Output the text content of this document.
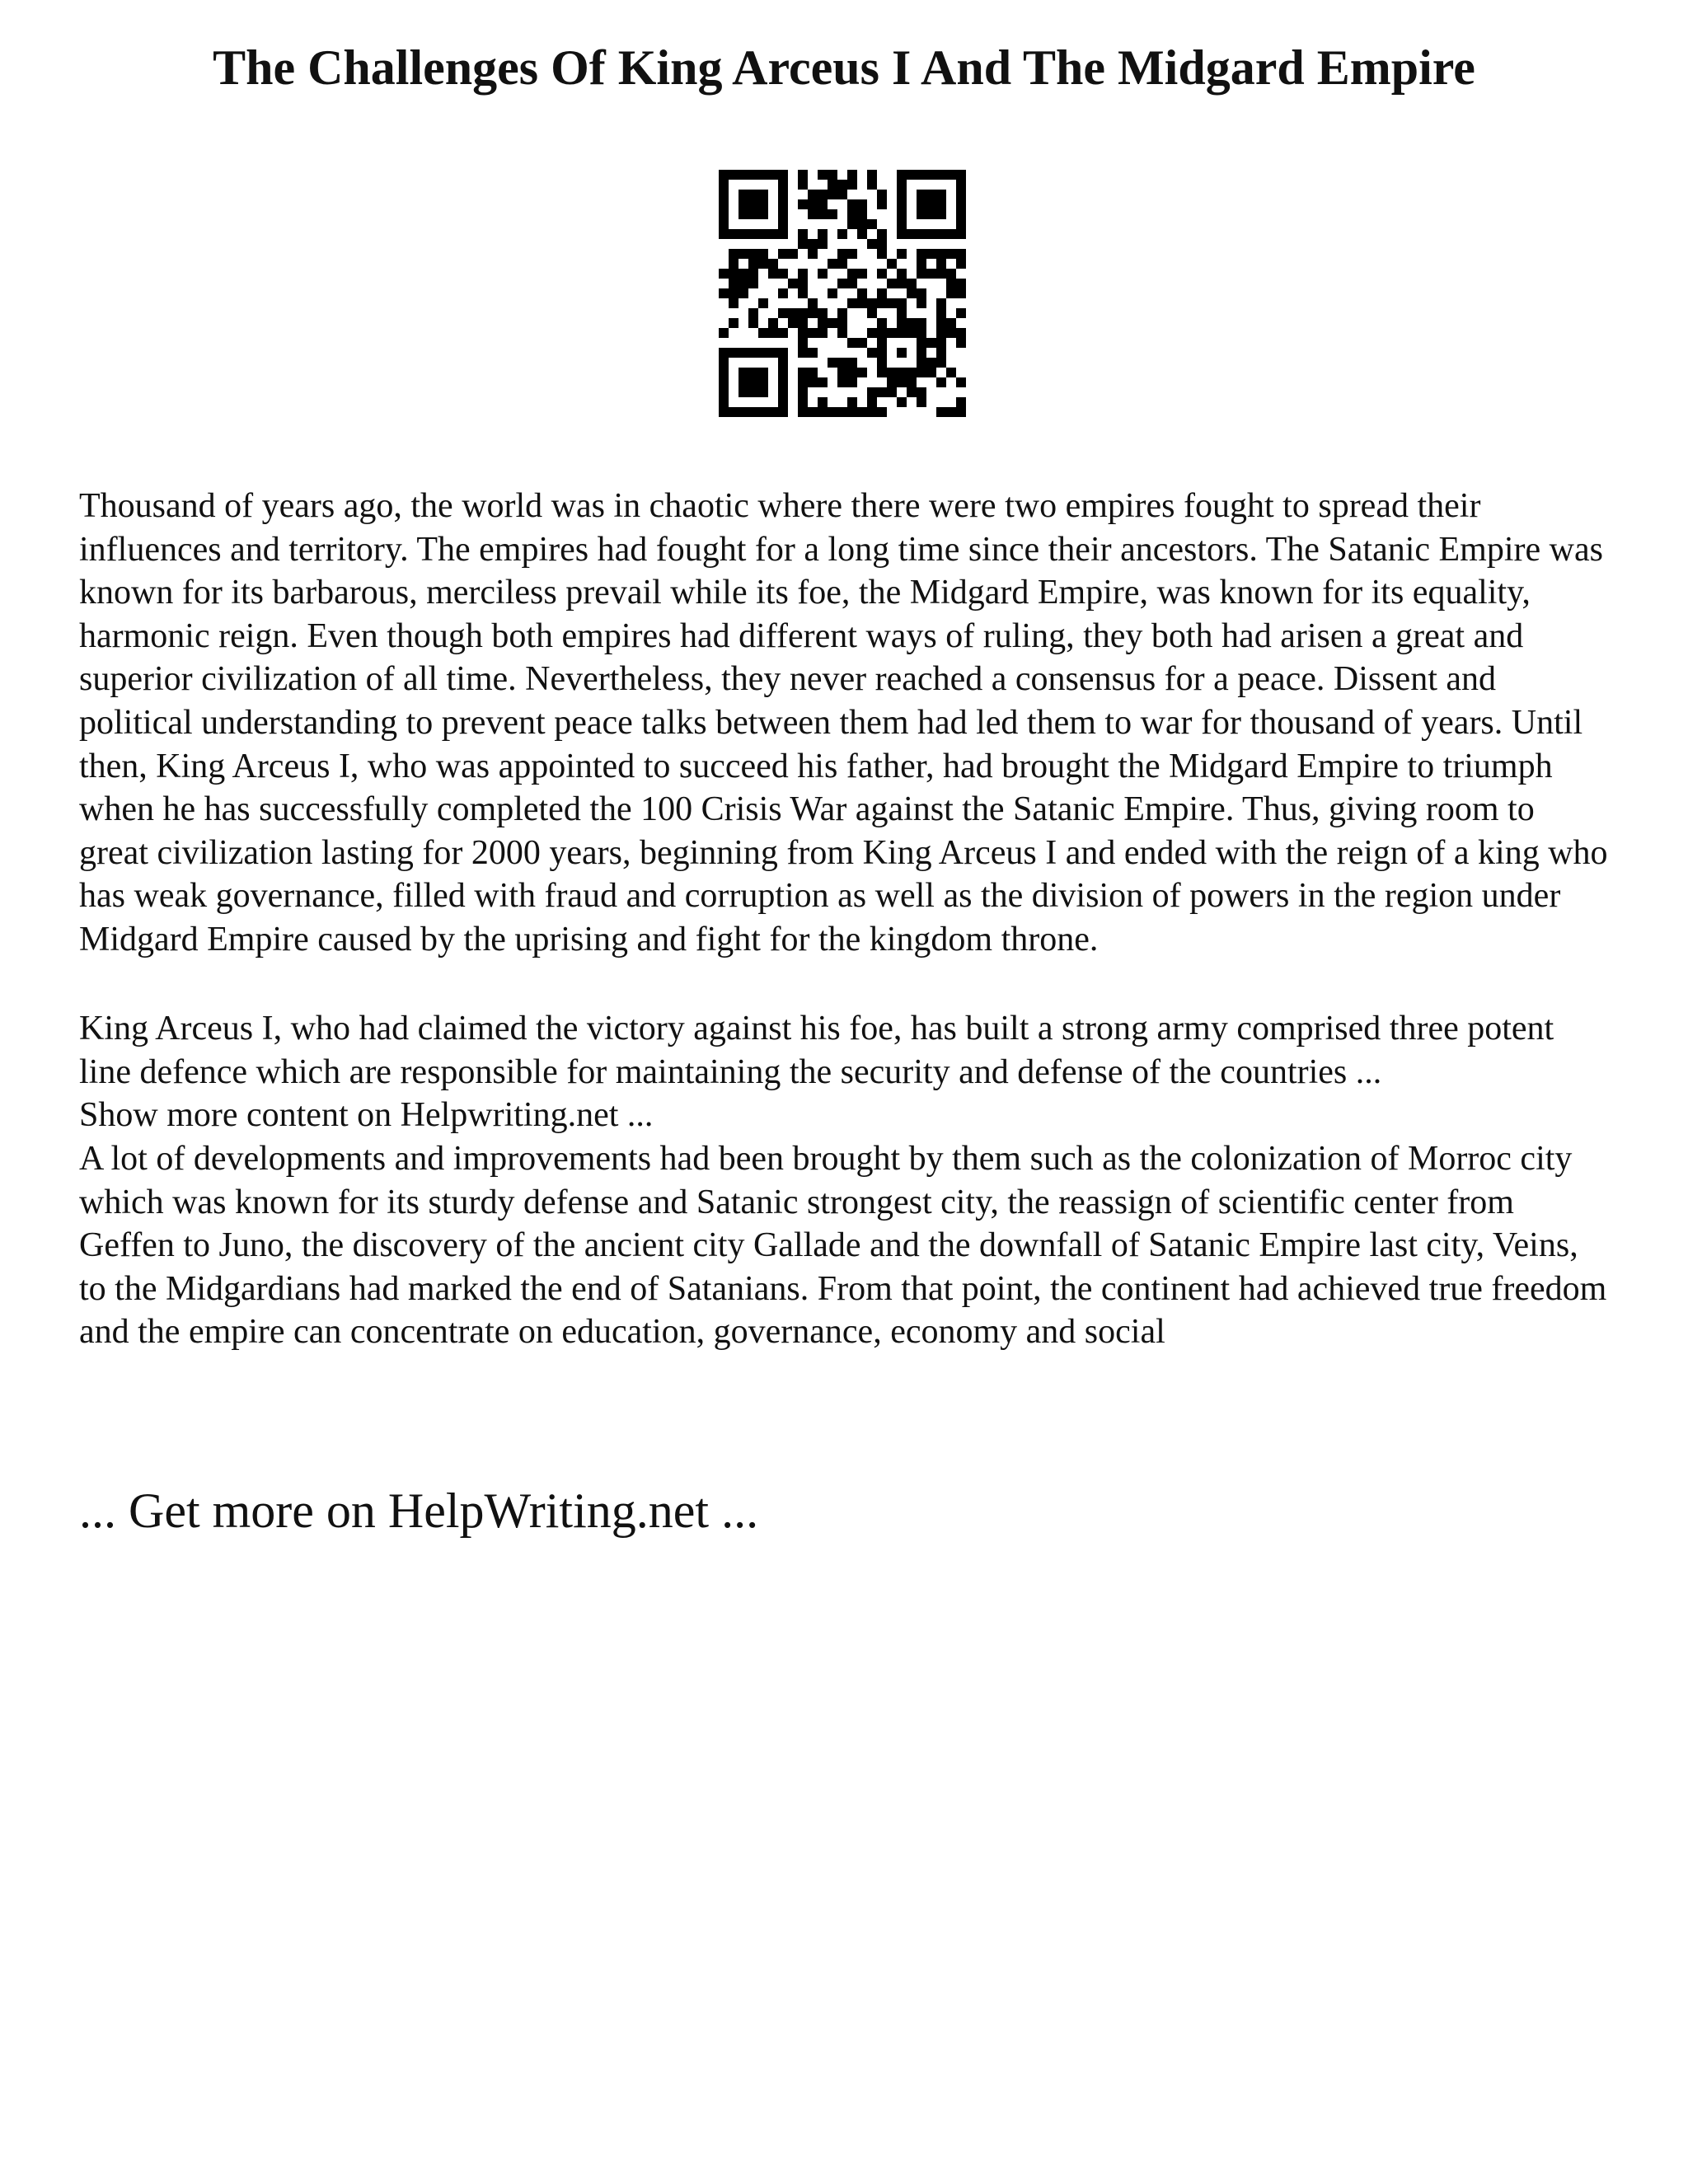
The Challenges Of King Arceus I And The Midgard Empire

Thousand of years ago, the world was in chaotic where there were two empires fought to spread their influences and territory. The empires had fought for a long time since their ancestors. The Satanic Empire was known for its barbarous, merciless prevail while its foe, the Midgard Empire, was known for its equality, harmonic reign. Even though both empires had different ways of ruling, they both had arisen a great and superior civilization of all time. Nevertheless, they never reached a consensus for a peace. Dissent and political understanding to prevent peace talks between them had led them to war for thousand of years. Until then, King Arceus I, who was appointed to succeed his father, had brought the Midgard Empire to triumph when he has successfully completed the 100 Crisis War against the Satanic Empire. Thus, giving room to great civilization lasting for 2000 years, beginning from King Arceus I and ended with the reign of a king who has weak governance, filled with fraud and corruption as well as the division of powers in the region under Midgard Empire caused by the uprising and fight for the kingdom throne.

King Arceus I, who had claimed the victory against his foe, has built a strong army comprised three potent line defence which are responsible for maintaining the security and defense of the countries ...

Show more content on Helpwriting.net ...

A lot of developments and improvements had been brought by them such as the colonization of Morroc city which was known for its sturdy defense and Satanic strongest city, the reassign of scientific center from Geffen to Juno, the discovery of the ancient city Gallade and the downfall of Satanic Empire last city, Veins, to the Midgardians had marked the end of Satanians. From that point, the continent had achieved true freedom and the empire can concentrate on education, governance, economy and social

... Get more on HelpWriting.net ...
